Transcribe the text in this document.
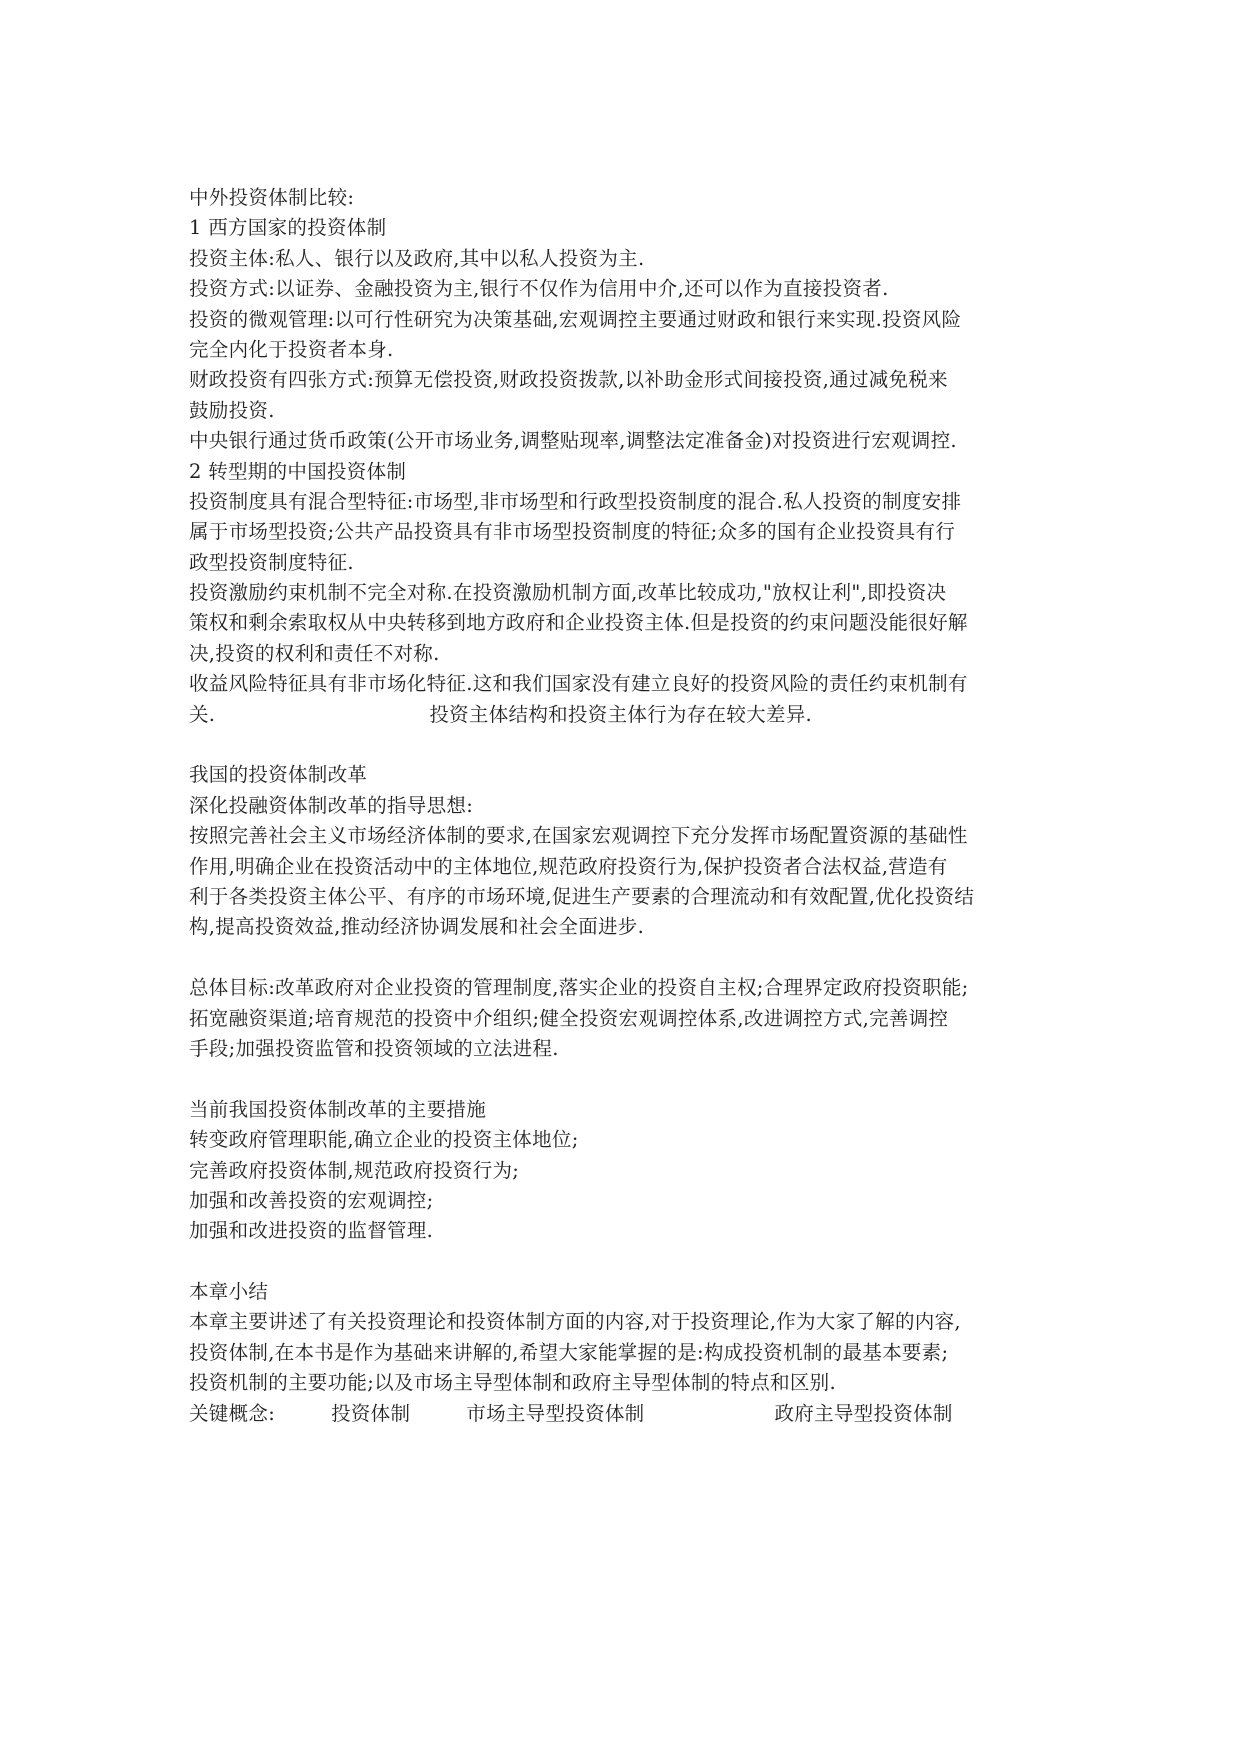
中外投资体制比较:
1 西方国家的投资体制
投资主体:私人、银行以及政府,其中以私人投资为主.
投资方式:以证券、金融投资为主,银行不仅作为信用中介,还可以作为直接投资者.
投资的微观管理:以可行性研究为决策基础,宏观调控主要通过财政和银行来实现.投资风险
完全内化于投资者本身.
财政投资有四张方式:预算无偿投资,财政投资拨款,以补助金形式间接投资,通过减免税来
鼓励投资.
中央银行通过货币政策(公开市场业务,调整贴现率,调整法定准备金)对投资进行宏观调控.
2 转型期的中国投资体制
投资制度具有混合型特征:市场型,非市场型和行政型投资制度的混合.私人投资的制度安排
属于市场型投资;公共产品投资具有非市场型投资制度的特征;众多的国有企业投资具有行
政型投资制度特征.
投资激励约束机制不完全对称.在投资激励机制方面,改革比较成功,"放权让利",即投资决
策权和剩余索取权从中央转移到地方政府和企业投资主体.但是投资的约束问题没能很好解
决,投资的权利和责任不对称.
收益风险特征具有非市场化特征.这和我们国家没有建立良好的投资风险的责任约束机制有
关.	投资主体结构和投资主体行为存在较大差异.
我国的投资体制改革
深化投融资体制改革的指导思想:
按照完善社会主义市场经济体制的要求,在国家宏观调控下充分发挥市场配置资源的基础性
作用,明确企业在投资活动中的主体地位,规范政府投资行为,保护投资者合法权益,营造有
利于各类投资主体公平、有序的市场环境,促进生产要素的合理流动和有效配置,优化投资结
构,提高投资效益,推动经济协调发展和社会全面进步.
总体目标:改革政府对企业投资的管理制度,落实企业的投资自主权;合理界定政府投资职能;
拓宽融资渠道;培育规范的投资中介组织;健全投资宏观调控体系,改进调控方式,完善调控
手段;加强投资监管和投资领域的立法进程.
当前我国投资体制改革的主要措施
转变政府管理职能,确立企业的投资主体地位;
完善政府投资体制,规范政府投资行为;
加强和改善投资的宏观调控;
加强和改进投资的监督管理.
本章小结
本章主要讲述了有关投资理论和投资体制方面的内容,对于投资理论,作为大家了解的内容,
投资体制,在本书是作为基础来讲解的,希望大家能掌握的是:构成投资机制的最基本要素;
投资机制的主要功能;以及市场主导型体制和政府主导型体制的特点和区别.
关键概念:	投资体制	市场主导型投资体制	政府主导型投资体制
